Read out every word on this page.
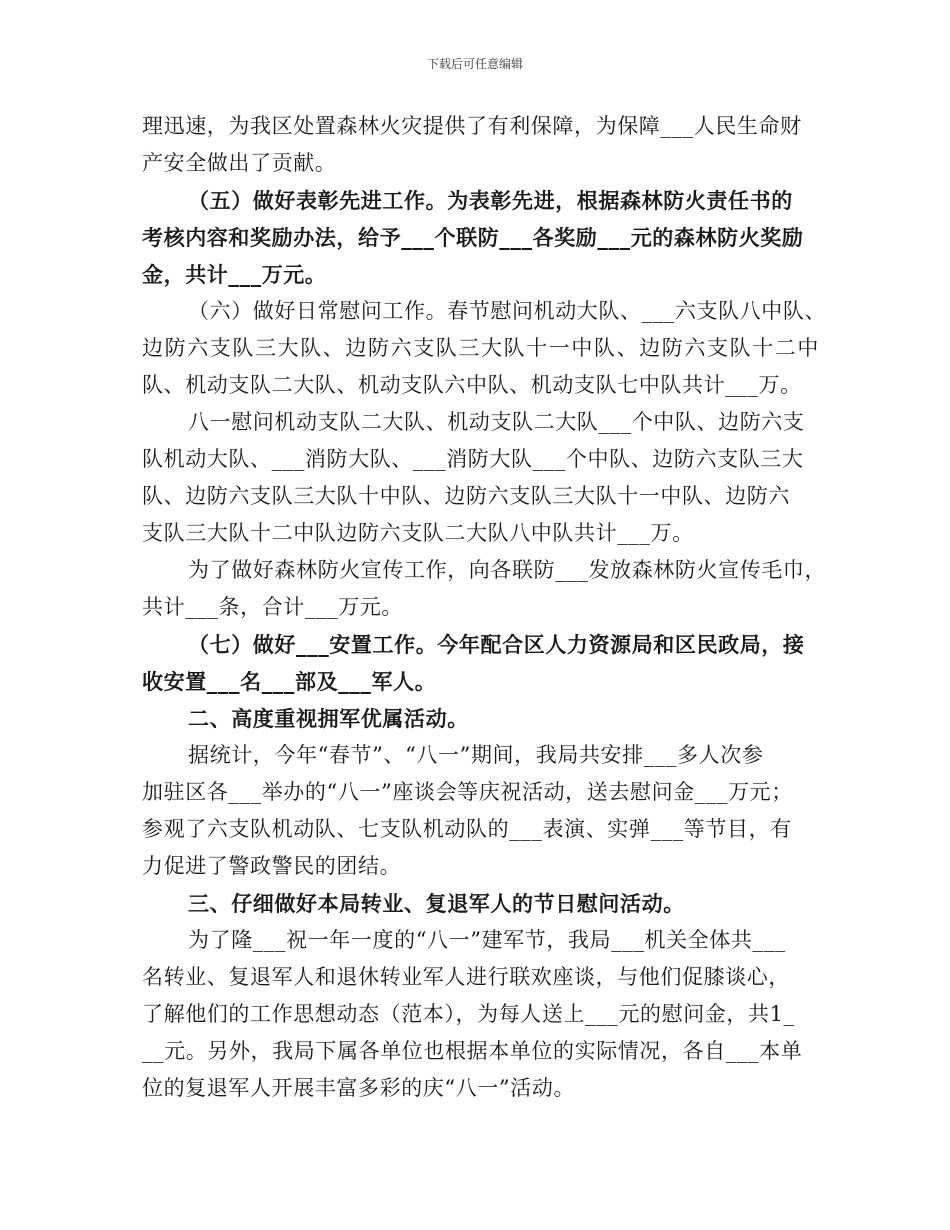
下载后可任意编辑
理迅速，为我区处置森林火灾提供了有利保障，为保障___人民生命财
产安全做出了贡献。
（五）做好表彰先进工作。为表彰先进，根据森林防火责任书的
考核内容和奖励办法，给予___个联防___各奖励___元的森林防火奖励
金，共计___万元。
（六）做好日常慰问工作。春节慰问机动大队、___六支队八中队、
边防六支队三大队、边防六支队三大队十一中队、边防六支队十二中
队、机动支队二大队、机动支队六中队、机动支队七中队共计___万。
八一慰问机动支队二大队、机动支队二大队___个中队、边防六支
队机动大队、___消防大队、___消防大队___个中队、边防六支队三大
队、边防六支队三大队十中队、边防六支队三大队十一中队、边防六
支队三大队十二中队边防六支队二大队八中队共计___万。
为了做好森林防火宣传工作，向各联防___发放森林防火宣传毛巾，
共计___条，合计___万元。
（七）做好___安置工作。今年配合区人力资源局和区民政局，接
收安置___名___部及___军人。
二、高度重视拥军优属活动。
据统计，今年“春节”、“八一”期间，我局共安排___多人次参
加驻区各___举办的“八一”座谈会等庆祝活动，送去慰问金___万元；
参观了六支队机动队、七支队机动队的___表演、实弹___等节目，有
力促进了警政警民的团结。
三、仔细做好本局转业、复退军人的节日慰问活动。
为了隆___祝一年一度的“八一”建军节，我局___机关全体共___
名转业、复退军人和退休转业军人进行联欢座谈，与他们促膝谈心，
了解他们的工作思想动态（范本），为每人送上___元的慰问金，共1_
__元。另外，我局下属各单位也根据本单位的实际情况，各自___本单
位的复退军人开展丰富多彩的庆“八一”活动。
